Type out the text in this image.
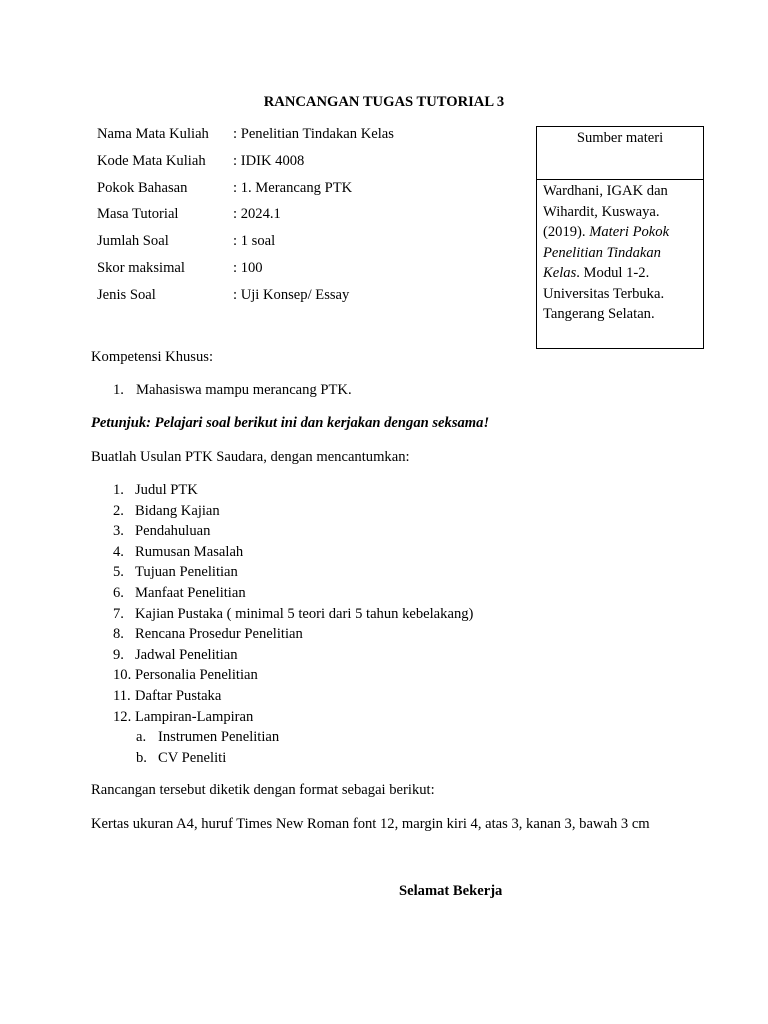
RANCANGAN TUGAS TUTORIAL 3
Nama Mata Kuliah	: Penelitian Tindakan Kelas
Kode Mata Kuliah	: IDIK 4008
Pokok Bahasan	: 1. Merancang PTK
Masa Tutorial	: 2024.1
Jumlah Soal	: 1 soal
Skor maksimal	: 100
Jenis Soal	: Uji Konsep/ Essay
Sumber materi
Wardhani, IGAK dan Wihardit, Kuswaya. (2019). Materi Pokok Penelitian Tindakan Kelas. Modul 1-2. Universitas Terbuka. Tangerang Selatan.
Kompetensi Khusus:
1. Mahasiswa mampu merancang PTK.
Petunjuk: Pelajari soal berikut ini dan kerjakan dengan seksama!
Buatlah Usulan PTK Saudara, dengan mencantumkan:
1. Judul PTK
2. Bidang Kajian
3. Pendahuluan
4. Rumusan Masalah
5. Tujuan Penelitian
6. Manfaat Penelitian
7. Kajian Pustaka ( minimal 5 teori dari 5 tahun kebelakang)
8. Rencana Prosedur Penelitian
9. Jadwal Penelitian
10. Personalia Penelitian
11. Daftar Pustaka
12. Lampiran-Lampiran
a. Instrumen Penelitian
b. CV Peneliti
Rancangan tersebut diketik dengan format sebagai berikut:
Kertas ukuran A4, huruf Times New Roman font 12, margin kiri 4, atas 3, kanan 3, bawah 3 cm
Selamat Bekerja
